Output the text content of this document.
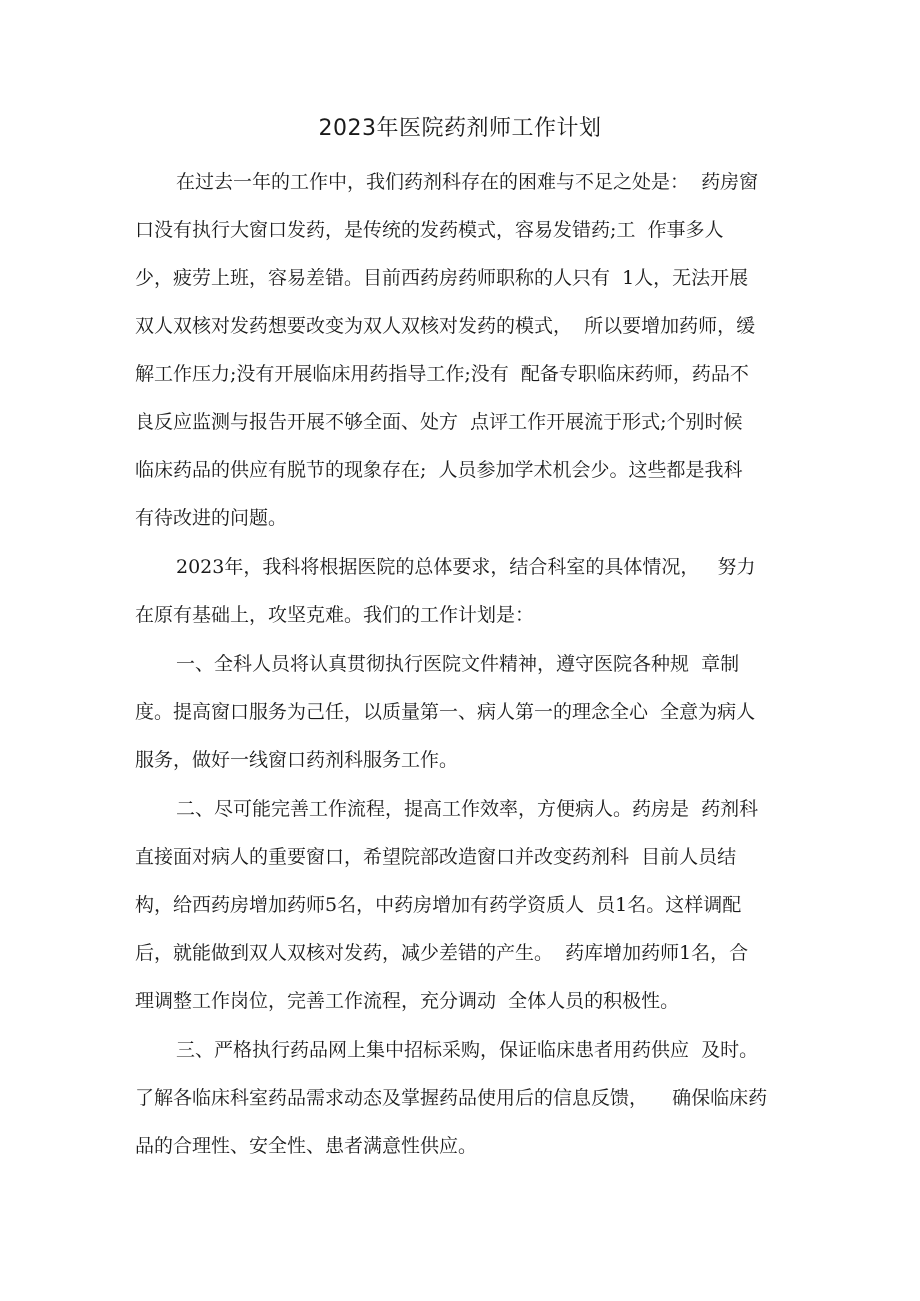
2023年医院药剂师工作计划
在过去一年的工作中，我们药剂科存在的困难与不足之处是：  药房窗
口没有执行大窗口发药，是传统的发药模式，容易发错药;工  作事多人
少，疲劳上班，容易差错。目前西药房药师职称的人只有  1人，无法开展
双人双核对发药想要改变为双人双核对发药的模式，  所以要增加药师，缓
解工作压力;没有开展临床用药指导工作;没有  配备专职临床药师，药品不
良反应监测与报告开展不够全面、处方  点评工作开展流于形式;个别时候
临床药品的供应有脱节的现象存在;  人员参加学术机会少。这些都是我科
有待改进的问题。
2023年，我科将根据医院的总体要求，结合科室的具体情况，   努力
在原有基础上，攻坚克难。我们的工作计划是：
一、全科人员将认真贯彻执行医院文件精神，遵守医院各种规  章制
度。提高窗口服务为己任，以质量第一、病人第一的理念全心  全意为病人
服务，做好一线窗口药剂科服务工作。
二、尽可能完善工作流程，提高工作效率，方便病人。药房是  药剂科
直接面对病人的重要窗口，希望院部改造窗口并改变药剂科  目前人员结
构，给西药房增加药师5名，中药房增加有药学资质人  员1名。这样调配
后，就能做到双人双核对发药，减少差错的产生。  药库增加药师1名，合
理调整工作岗位，完善工作流程，充分调动  全体人员的积极性。
三、严格执行药品网上集中招标采购，保证临床患者用药供应  及时。
了解各临床科室药品需求动态及掌握药品使用后的信息反馈，    确保临床药
品的合理性、安全性、患者满意性供应。
